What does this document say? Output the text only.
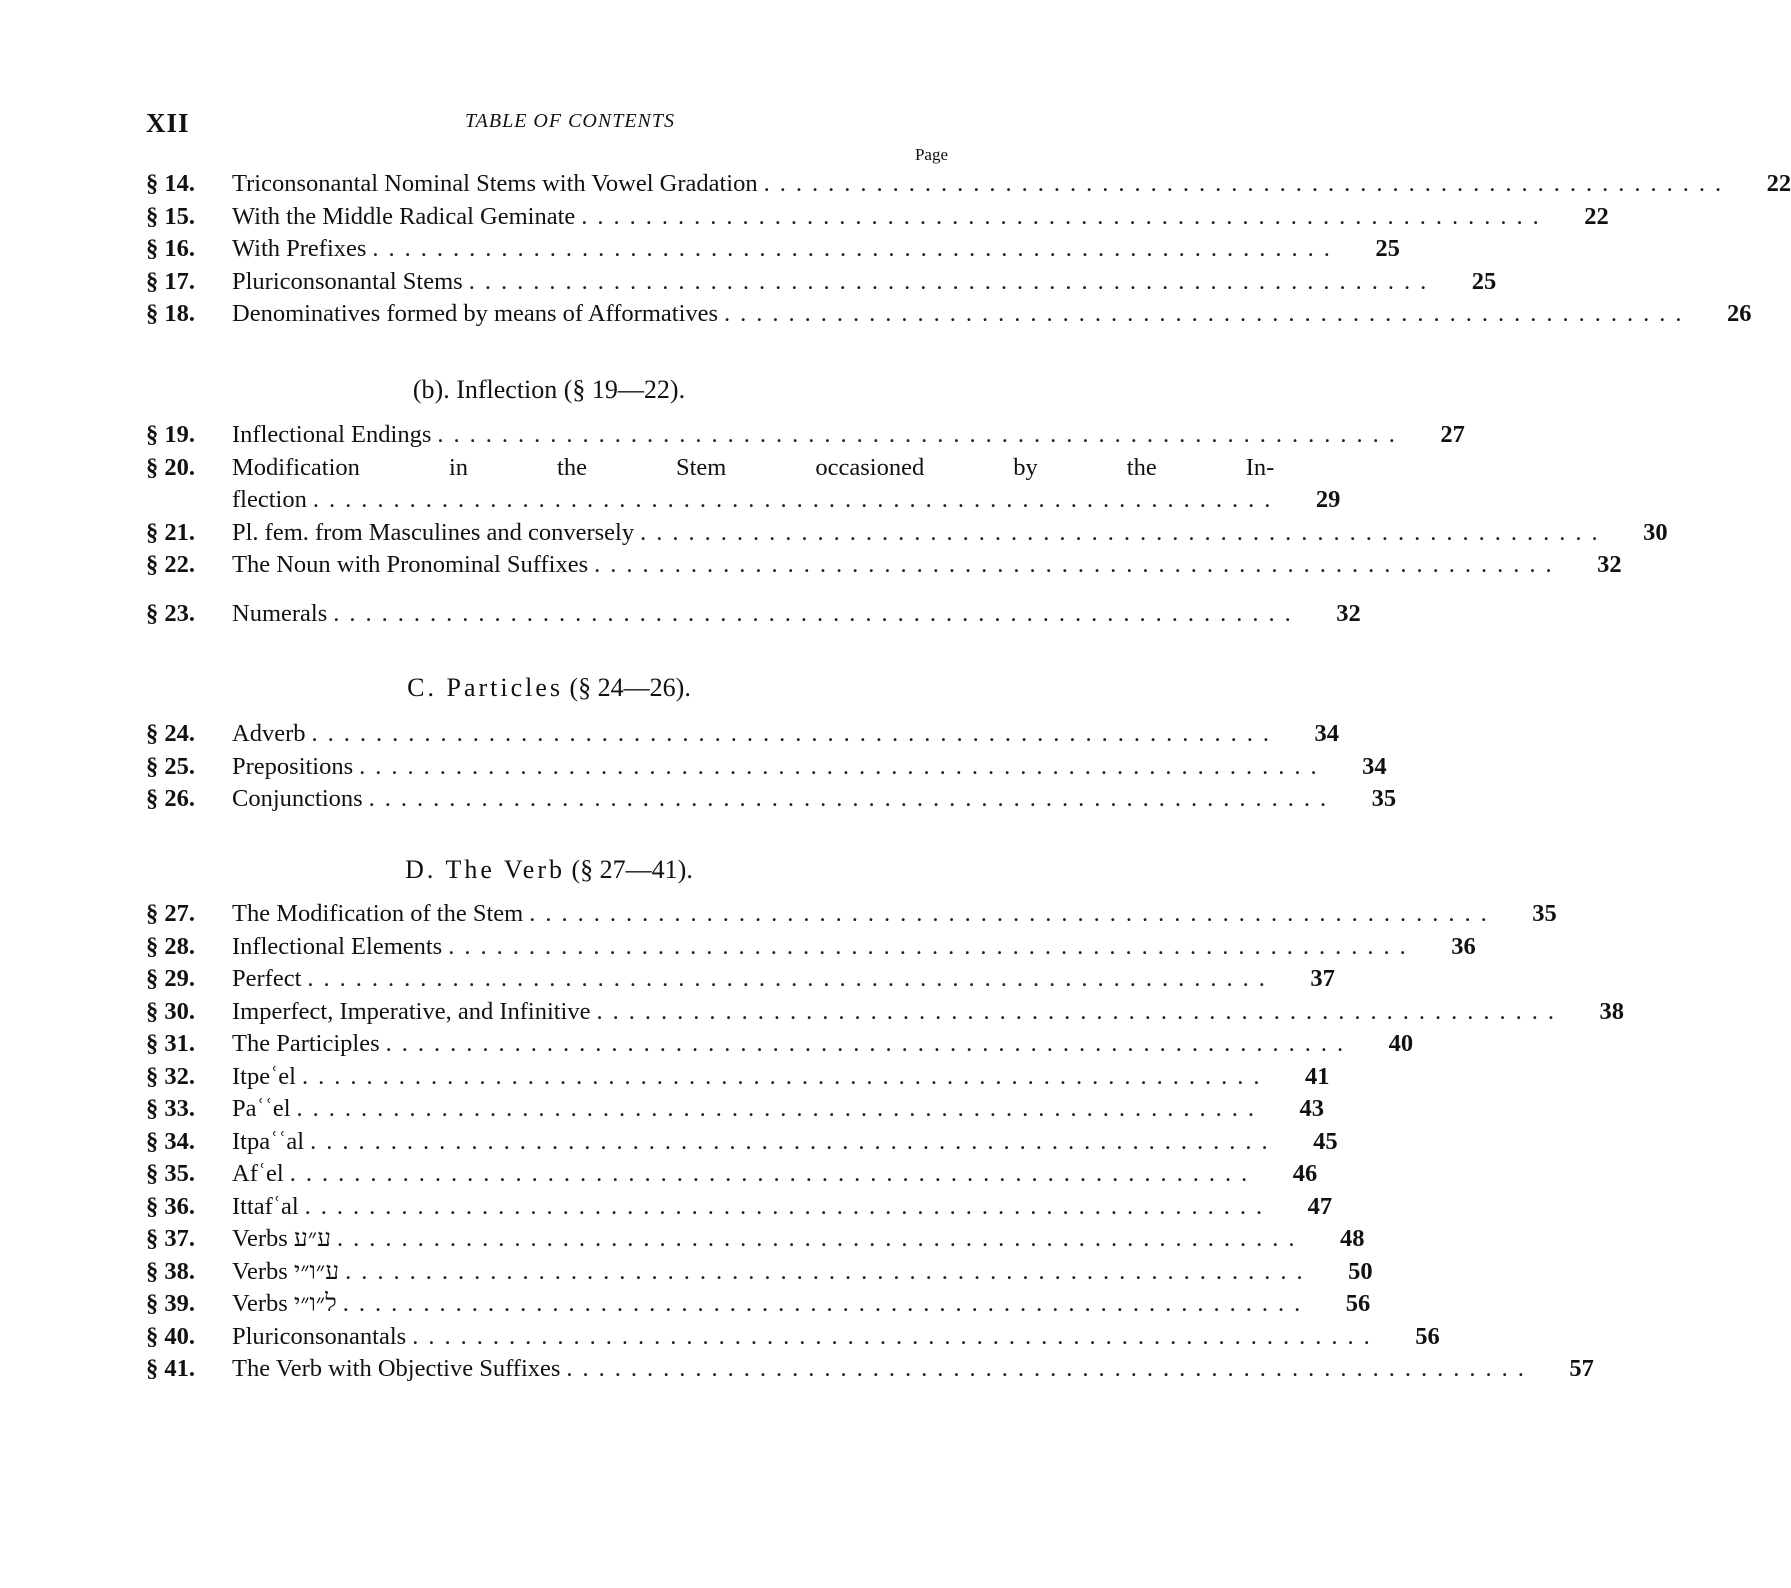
XII	TABLE OF CONTENTS
Page
§ 14.	Triconsonantal Nominal Stems with Vowel Gradation ............................................................	22
§ 15.	With the Middle Radical Geminate ............................................................	22
§ 16.	With Prefixes ............................................................	25
§ 17.	Pluriconsonantal Stems ............................................................	25
§ 18.	Denominatives formed by means of Afformatives ............................................................	26
(b). Inflection (§ 19—22).
§ 19.	Inflectional Endings ............................................................	27
§ 20.	Modification in the Stem occasioned by the In-
flection ............................................................
	29
§ 21.	Pl. fem. from Masculines and conversely ............................................................	30
§ 22.	The Noun with Pronominal Suffixes ............................................................	32
§ 23.	Numerals ............................................................	32
C. Particles (§ 24—26).
§ 24.	Adverb ............................................................	34
§ 25.	Prepositions ............................................................	34
§ 26.	Conjunctions ............................................................	35
D. The Verb (§ 27—41).
§ 27.	The Modification of the Stem ............................................................	35
§ 28.	Inflectional Elements ............................................................	36
§ 29.	Perfect ............................................................	37
§ 30.	Imperfect, Imperative, and Infinitive ............................................................	38
§ 31.	The Participles ............................................................	40
§ 32.	Itpeʿel ............................................................	41
§ 33.	Paʿʿel ............................................................	43
§ 34.	Itpaʿʿal ............................................................	45
§ 35.	Afʿel ............................................................	46
§ 36.	Ittafʿal ............................................................	47
§ 37.	Verbs ע״ע ............................................................	48
§ 38.	Verbs ע״ו״י ............................................................	50
§ 39.	Verbs ל״ו״י ............................................................	56
§ 40.	Pluriconsonantals ............................................................	56
§ 41.	The Verb with Objective Suffixes ............................................................	57
